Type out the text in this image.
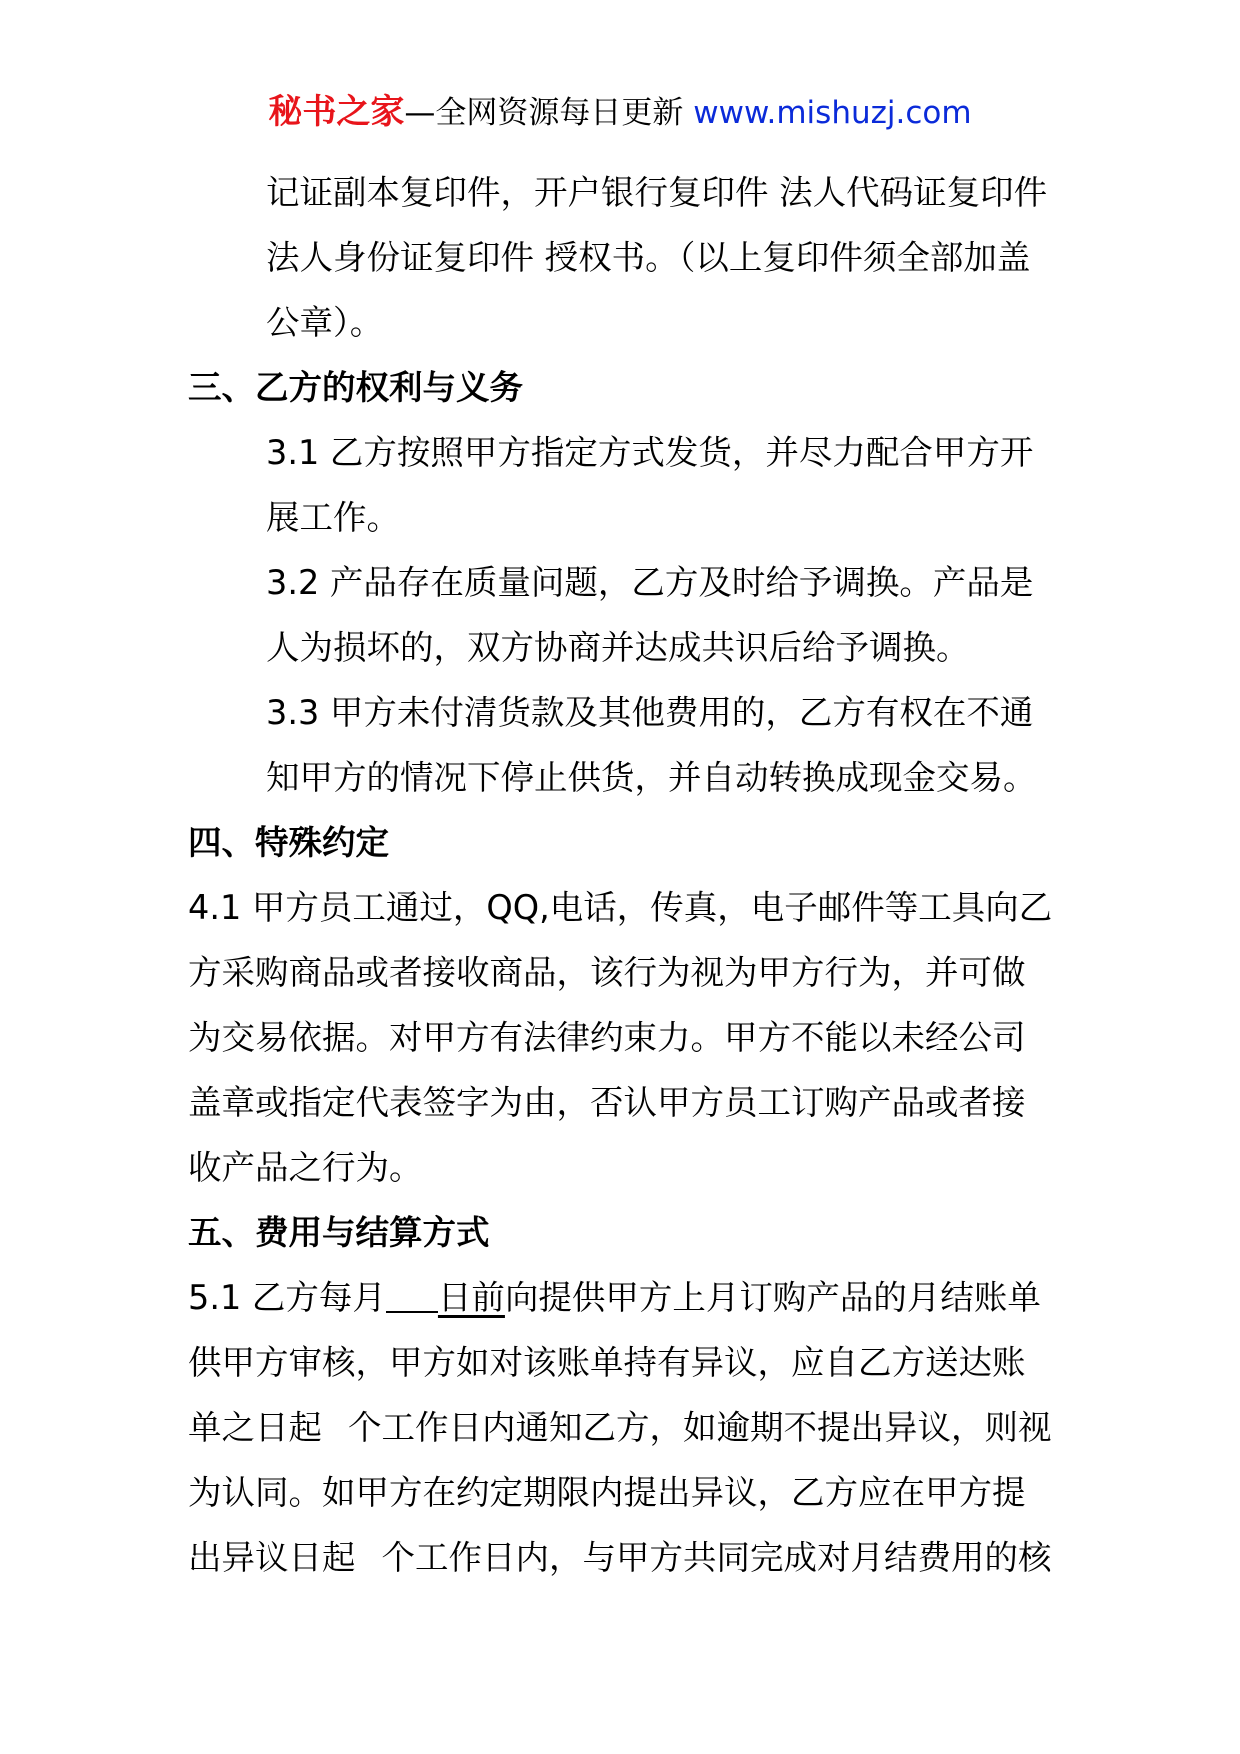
秘书之家—全网资源每日更新 www.mishuzj.com

记证副本复印件，开户银行复印件 法人代码证复印件

法人身份证复印件 授权书。（以上复印件须全部加盖

公章）。

三、乙方的权利与义务

3.1 乙方按照甲方指定方式发货，并尽力配合甲方开

展工作。

3.2 产品存在质量问题，乙方及时给予调换。产品是

人为损坏的，双方协商并达成共识后给予调换。

3.3 甲方未付清货款及其他费用的，乙方有权在不通

知甲方的情况下停止供货，并自动转换成现金交易。

四、特殊约定

4.1 甲方员工通过，QQ,电话，传真，电子邮件等工具向乙

方采购商品或者接收商品，该行为视为甲方行为，并可做

为交易依据。对甲方有法律约束力。甲方不能以未经公司

盖章或指定代表签字为由，否认甲方员工订购产品或者接

收产品之行为。

五、费用与结算方式

5.1 乙方每月 日前向提供甲方上月订购产品的月结账单

供甲方审核，甲方如对该账单持有异议，应自乙方送达账

单之日起 个工作日内通知乙方，如逾期不提出异议，则视

为认同。如甲方在约定期限内提出异议，乙方应在甲方提

出异议日起 个工作日内，与甲方共同完成对月结费用的核
